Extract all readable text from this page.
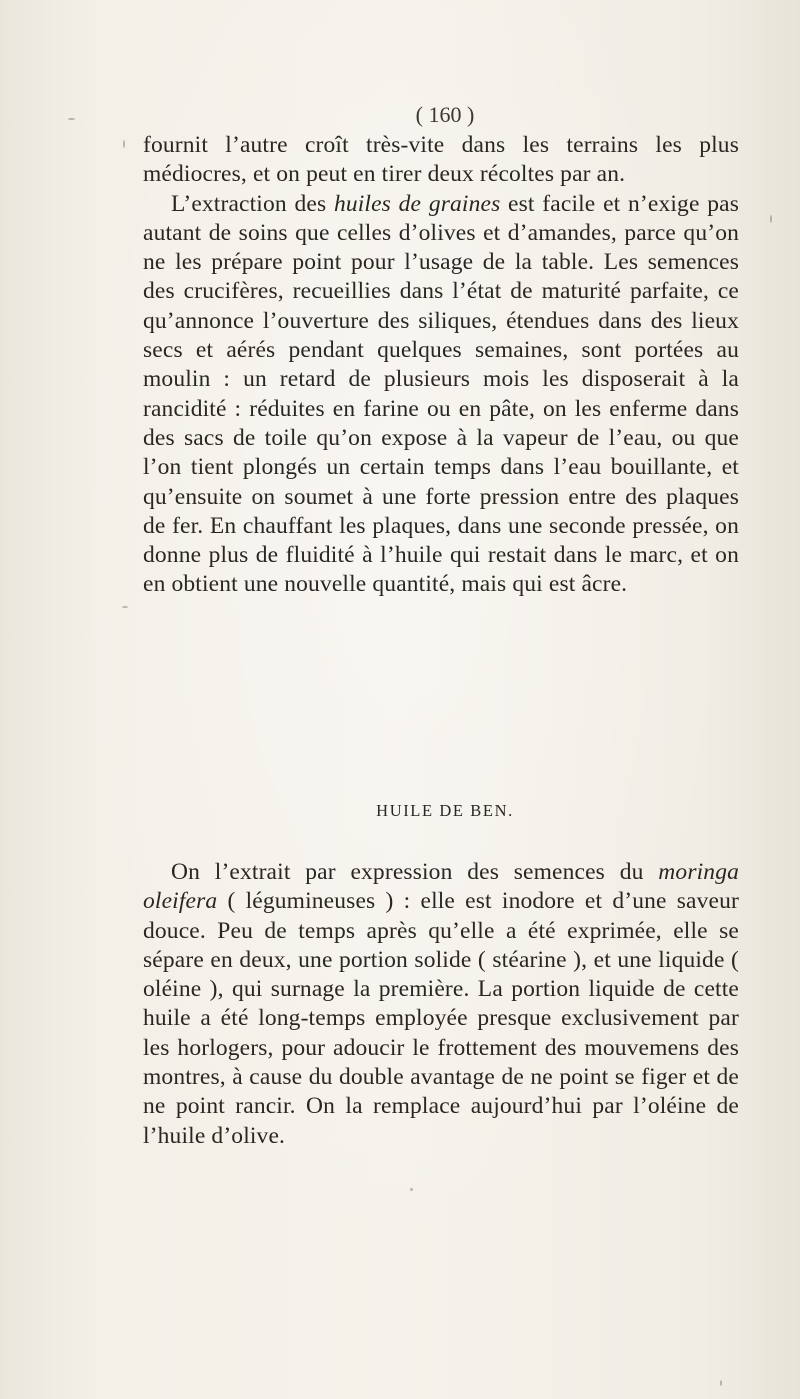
( 160 )

fournit l’autre croît très-vite dans les terrains les plus médiocres, et on peut en tirer deux récoltes par an.

L’extraction des huiles de graines est facile et n’exige pas autant de soins que celles d’olives et d’amandes, parce qu’on ne les prépare point pour l’usage de la table. Les semences des crucifères, recueillies dans l’état de maturité parfaite, ce qu’annonce l’ouverture des siliques, étendues dans des lieux secs et aérés pendant quelques semaines, sont portées au moulin : un retard de plusieurs mois les disposerait à la rancidité : réduites en farine ou en pâte, on les enferme dans des sacs de toile qu’on expose à la vapeur de l’eau, ou que l’on tient plongés un certain temps dans l’eau bouillante, et qu’ensuite on soumet à une forte pression entre des plaques de fer. En chauffant les plaques, dans une seconde pressée, on donne plus de fluidité à l’huile qui restait dans le marc, et on en obtient une nouvelle quantité, mais qui est âcre.

HUILE DE BEN.

On l’extrait par expression des semences du moringa oleifera ( légumineuses ) : elle est inodore et d’une saveur douce. Peu de temps après qu’elle a été exprimée, elle se sépare en deux, une portion solide ( stéarine ), et une liquide ( oléine ), qui surnage la première. La portion liquide de cette huile a été long-temps employée presque exclusivement par les horlogers, pour adoucir le frottement des mouvemens des montres, à cause du double avantage de ne point se figer et de ne point rancir. On la remplace aujourd’hui par l’oléine de l’huile d’olive.
